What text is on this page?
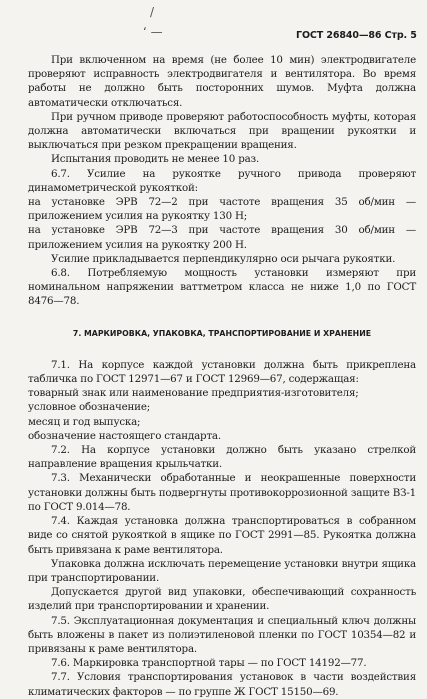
/
‘ —	ГОСТ 26840—86 Стр. 5

При включенном на время (не более 10 мин) электродвигателе проверяют исправность электродвигателя и вентилятора. Во время работы не должно быть посторонних шумов. Муфта должна автоматически отключаться.

При ручном приводе проверяют работоспособность муфты, которая должна автоматически включаться при вращении рукоятки и выключаться при резком прекращении вращения.

Испытания проводить не менее 10 раз.

6.7. Усилие на рукоятке ручного привода проверяют динамометрической рукояткой:

на установке ЭРВ 72—2 при частоте вращения 35 об/мин — приложением усилия на рукоятку 130 Н;

на установке ЭРВ 72—3 при частоте вращения 30 об/мин — приложением усилия на рукоятку 200 Н.

Усилие прикладывается перпендикулярно оси рычага рукоятки.

6.8. Потребляемую мощность установки измеряют при номинальном напряжении ваттметром класса не ниже 1,0 по ГОСТ 8476—78.

7. МАРКИРОВКА, УПАКОВКА, ТРАНСПОРТИРОВАНИЕ И ХРАНЕНИЕ

7.1. На корпусе каждой установки должна быть прикреплена табличка по ГОСТ 12971—67 и ГОСТ 12969—67, содержащая:

товарный знак или наименование предприятия-изготовителя;

условное обозначение;

месяц и год выпуска;

обозначение настоящего стандарта.

7.2. На корпусе установки должно быть указано стрелкой направление вращения крыльчатки.

7.3. Механически обработанные и неокрашенные поверхности установки должны быть подвергнуты противокоррозионной защите ВЗ-1 по ГОСТ 9.014—78.

7.4. Каждая установка должна транспортироваться в собранном виде со снятой рукояткой в ящике по ГОСТ 2991—85. Рукоятка должна быть привязана к раме вентилятора.

Упаковка должна исключать перемещение установки внутри ящика при транспортировании.

Допускается другой вид упаковки, обеспечивающий сохранность изделий при транспортировании и хранении.

7.5. Эксплуатационная документация и специальный ключ должны быть вложены в пакет из полиэтиленовой пленки по ГОСТ 10354—82 и привязаны к раме вентилятора.

7.6. Маркировка транспортной тары — по ГОСТ 14192—77.

7.7. Условия транспортирования установок в части воздействия климатических факторов — по группе Ж ГОСТ 15150—69.
